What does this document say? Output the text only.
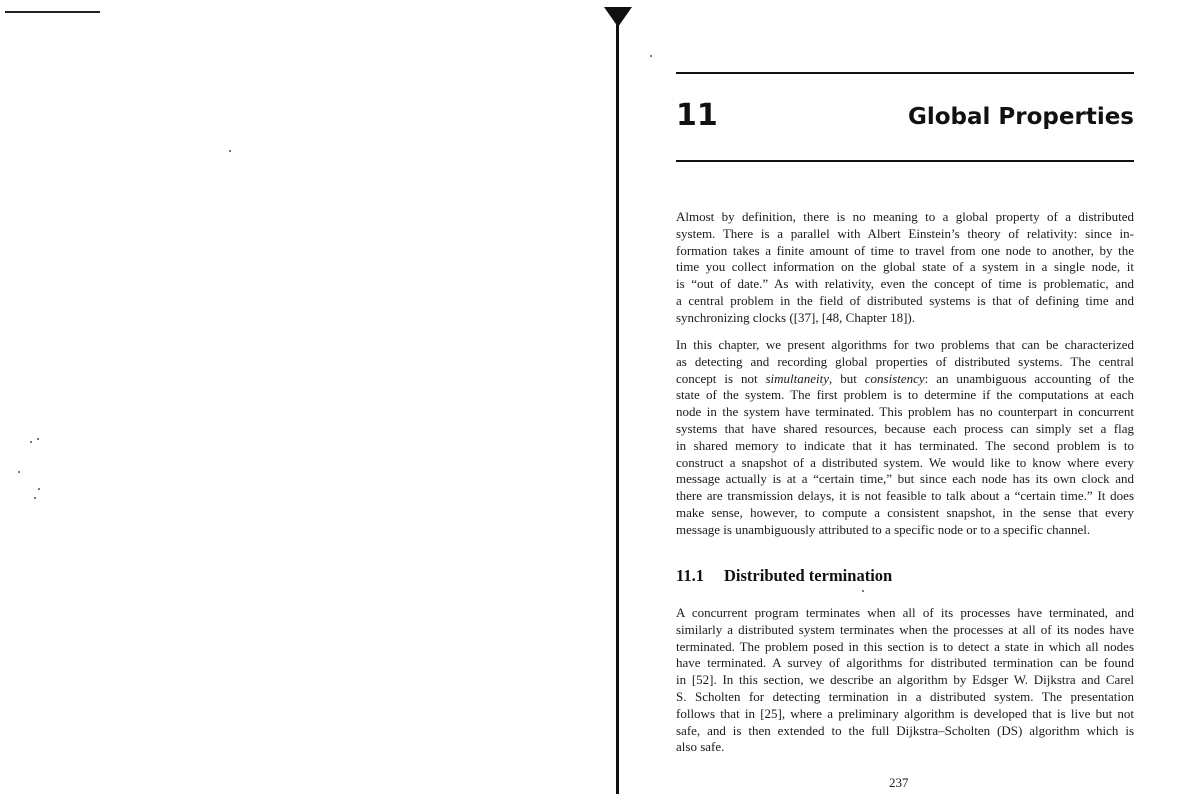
11	Global Properties

Almost by definition, there is no meaning to a global property of a distributed

system. There is a parallel with Albert Einstein’s theory of relativity: since in-

formation takes a finite amount of time to travel from one node to another, by the

time you collect information on the global state of a system in a single node, it

is “out of date.” As with relativity, even the concept of time is problematic, and

a central problem in the field of distributed systems is that of defining time and

synchronizing clocks ([37], [48, Chapter 18]).

In this chapter, we present algorithms for two problems that can be characterized

as detecting and recording global properties of distributed systems. The central

concept is not simultaneity, but consistency: an unambiguous accounting of the

state of the system. The first problem is to determine if the computations at each

node in the system have terminated. This problem has no counterpart in concurrent

systems that have shared resources, because each process can simply set a flag

in shared memory to indicate that it has terminated. The second problem is to

construct a snapshot of a distributed system. We would like to know where every

message actually is at a “certain time,” but since each node has its own clock and

there are transmission delays, it is not feasible to talk about a “certain time.” It does

make sense, however, to compute a consistent snapshot, in the sense that every

message is unambiguously attributed to a specific node or to a specific channel.

11.1 Distributed termination

A concurrent program terminates when all of its processes have terminated, and

similarly a distributed system terminates when the processes at all of its nodes have

terminated. The problem posed in this section is to detect a state in which all nodes

have terminated. A survey of algorithms for distributed termination can be found

in [52]. In this section, we describe an algorithm by Edsger W. Dijkstra and Carel

S. Scholten for detecting termination in a distributed system. The presentation

follows that in [25], where a preliminary algorithm is developed that is live but not

safe, and is then extended to the full Dijkstra–Scholten (DS) algorithm which is

also safe.

237
